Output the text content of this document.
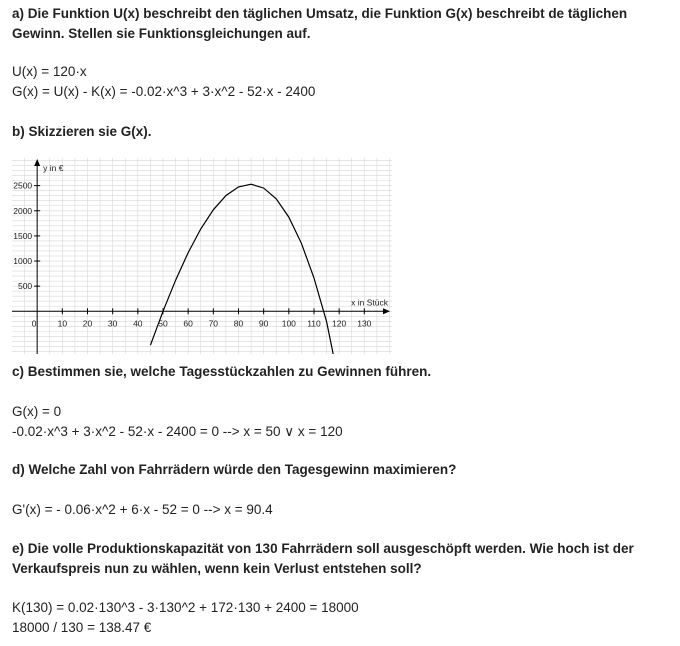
a) Die Funktion U(x) beschreibt den täglichen Umsatz, die Funktion G(x) beschreibt de täglichen
Gewinn. Stellen sie Funktionsgleichungen auf.
U(x) = 120·x
G(x) = U(x) - K(x) = -0.02·x^3 + 3·x^2 - 52·x - 2400
b) Skizzieren sie G(x).
0 10 20 30 40 50 60 70 80 90 100 110 120 130
500
1000
1500
2000
2500
y in €
x in Stück
c) Bestimmen sie, welche Tagesstückzahlen zu Gewinnen führen.
G(x) = 0
-0.02·x^3 + 3·x^2 - 52·x - 2400 = 0 --> x = 50 ∨ x = 120
d) Welche Zahl von Fahrrädern würde den Tagesgewinn maximieren?
G'(x) = - 0.06·x^2 + 6·x - 52 = 0 --> x = 90.4
e) Die volle Produktionskapazität von 130 Fahrrädern soll ausgeschöpft werden. Wie hoch ist der
Verkaufspreis nun zu wählen, wenn kein Verlust entstehen soll?
K(130) = 0.02·130^3 - 3·130^2 + 172·130 + 2400 = 18000
18000 / 130 = 138.47 €
